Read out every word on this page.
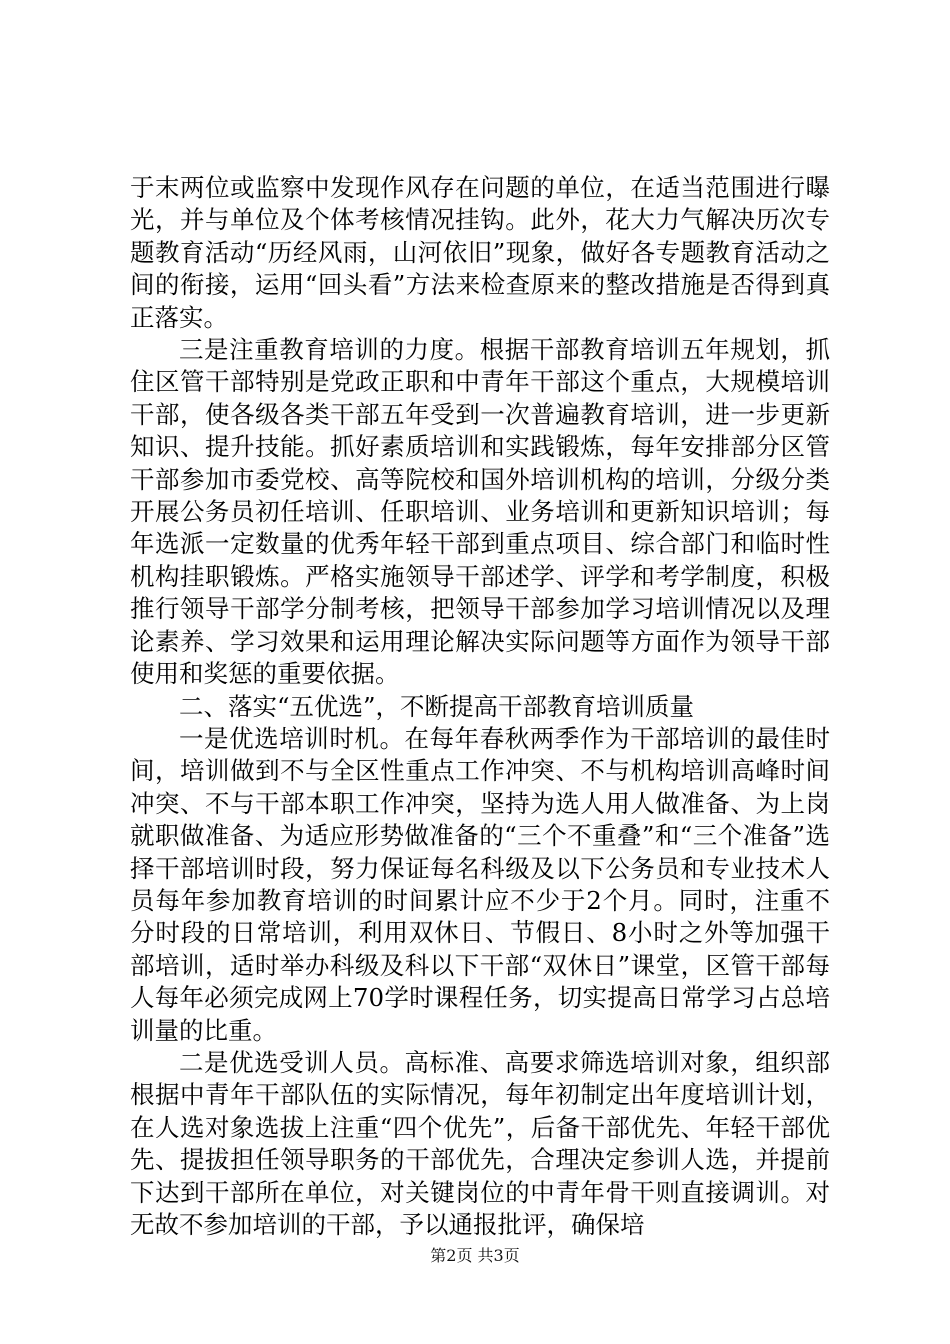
于末两位或监察中发现作风存在问题的单位，在适当范围进行曝光，并与单位及个体考核情况挂钩。此外，花大力气解决历次专题教育活动“历经风雨，山河依旧”现象，做好各专题教育活动之间的衔接，运用“回头看”方法来检查原来的整改措施是否得到真正落实。

三是注重教育培训的力度。根据干部教育培训五年规划，抓住区管干部特别是党政正职和中青年干部这个重点，大规模培训干部，使各级各类干部五年受到一次普遍教育培训，进一步更新知识、提升技能。抓好素质培训和实践锻炼，每年安排部分区管干部参加市委党校、高等院校和国外培训机构的培训，分级分类开展公务员初任培训、任职培训、业务培训和更新知识培训；每年选派一定数量的优秀年轻干部到重点项目、综合部门和临时性机构挂职锻炼。严格实施领导干部述学、评学和考学制度，积极推行领导干部学分制考核，把领导干部参加学习培训情况以及理论素养、学习效果和运用理论解决实际问题等方面作为领导干部使用和奖惩的重要依据。

二、落实“五优选”，不断提高干部教育培训质量

一是优选培训时机。在每年春秋两季作为干部培训的最佳时间，培训做到不与全区性重点工作冲突、不与机构培训高峰时间冲突、不与干部本职工作冲突，坚持为选人用人做准备、为上岗就职做准备、为适应形势做准备的“三个不重叠”和“三个准备”选择干部培训时段，努力保证每名科级及以下公务员和专业技术人员每年参加教育培训的时间累计应不少于2个月。同时，注重不分时段的日常培训，利用双休日、节假日、8小时之外等加强干部培训，适时举办科级及科以下干部“双休日”课堂，区管干部每人每年必须完成网上70学时课程任务，切实提高日常学习占总培训量的比重。

二是优选受训人员。高标准、高要求筛选培训对象，组织部根据中青年干部队伍的实际情况，每年初制定出年度培训计划，在人选对象选拔上注重“四个优先”，后备干部优先、年轻干部优先、提拔担任领导职务的干部优先，合理决定参训人选，并提前下达到干部所在单位，对关键岗位的中青年骨干则直接调训。对无故不参加培训的干部，予以通报批评，确保培

第2页 共3页
